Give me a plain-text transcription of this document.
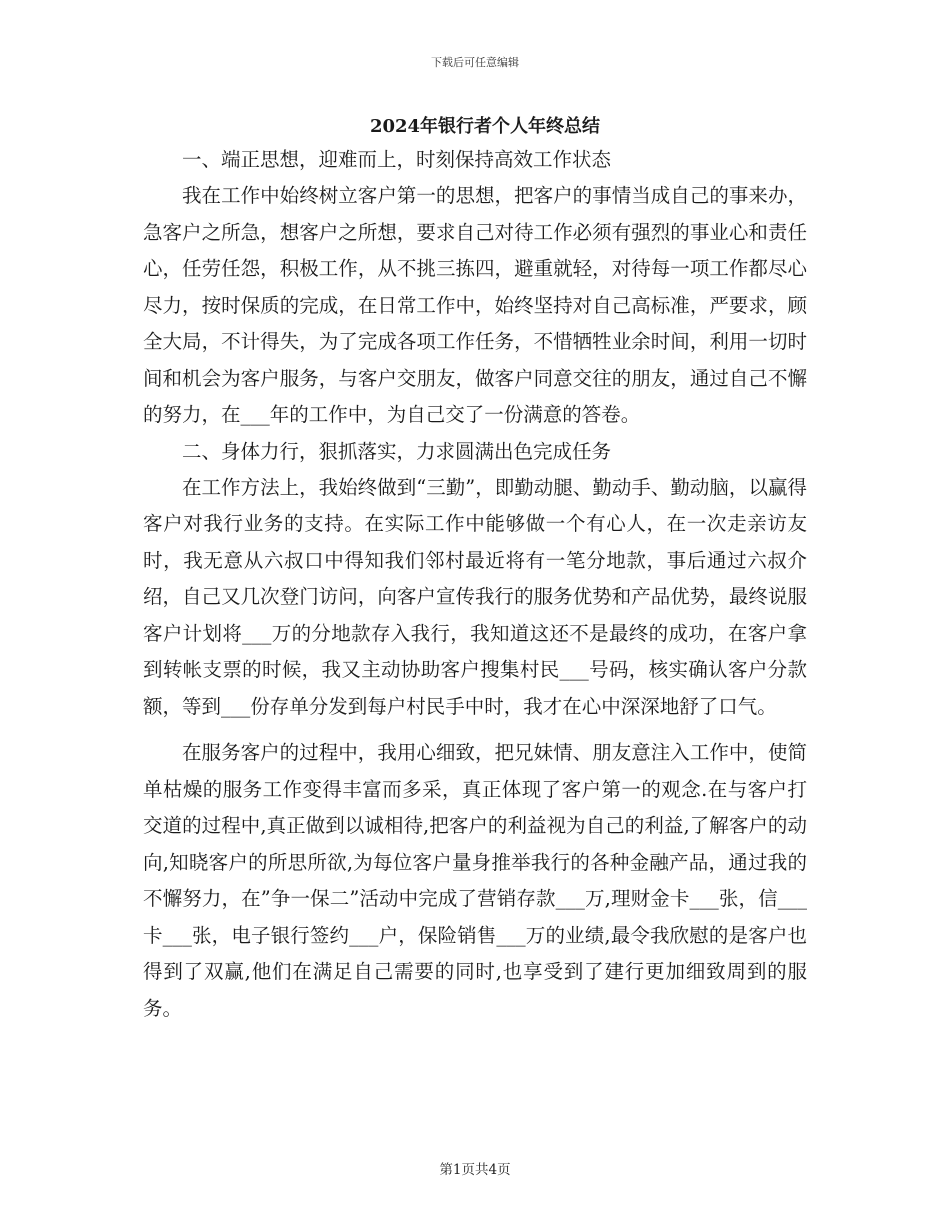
下载后可任意编辑
2024年银行者个人年终总结
一、端正思想，迎难而上，时刻保持高效工作状态

我在工作中始终树立客户第一的思想，把客户的事情当成自己的事来办，急客户之所急，想客户之所想，要求自己对待工作必须有强烈的事业心和责任心，任劳任怨，积极工作，从不挑三拣四，避重就轻，对待每一项工作都尽心尽力，按时保质的完成，在日常工作中，始终坚持对自己高标准，严要求，顾全大局，不计得失，为了完成各项工作任务，不惜牺牲业余时间，利用一切时间和机会为客户服务，与客户交朋友，做客户同意交往的朋友，通过自己不懈的努力，在___年的工作中，为自己交了一份满意的答卷。

二、身体力行，狠抓落实，力求圆满出色完成任务

在工作方法上，我始终做到“三勤”，即勤动腿、勤动手、勤动脑，以赢得客户对我行业务的支持。在实际工作中能够做一个有心人，在一次走亲访友时，我无意从六叔口中得知我们邻村最近将有一笔分地款，事后通过六叔介绍，自己又几次登门访问，向客户宣传我行的服务优势和产品优势，最终说服客户计划将___万的分地款存入我行，我知道这还不是最终的成功，在客户拿到转帐支票的时候，我又主动协助客户搜集村民___号码，核实确认客户分款额，等到___份存单分发到每户村民手中时，我才在心中深深地舒了口气。

在服务客户的过程中，我用心细致，把兄妹情、朋友意注入工作中，使简单枯燥的服务工作变得丰富而多采，真正体现了客户第一的观念.在与客户打交道的过程中,真正做到以诚相待,把客户的利益视为自己的利益,了解客户的动向,知晓客户的所思所欲,为每位客户量身推举我行的各种金融产品，通过我的不懈努力，在”争一保二”活动中完成了营销存款___万,理财金卡___张，信___卡___张，电子银行签约___户，保险销售___万的业绩,最令我欣慰的是客户也得到了双赢,他们在满足自己需要的同时,也享受到了建行更加细致周到的服务。

第1页共4页
